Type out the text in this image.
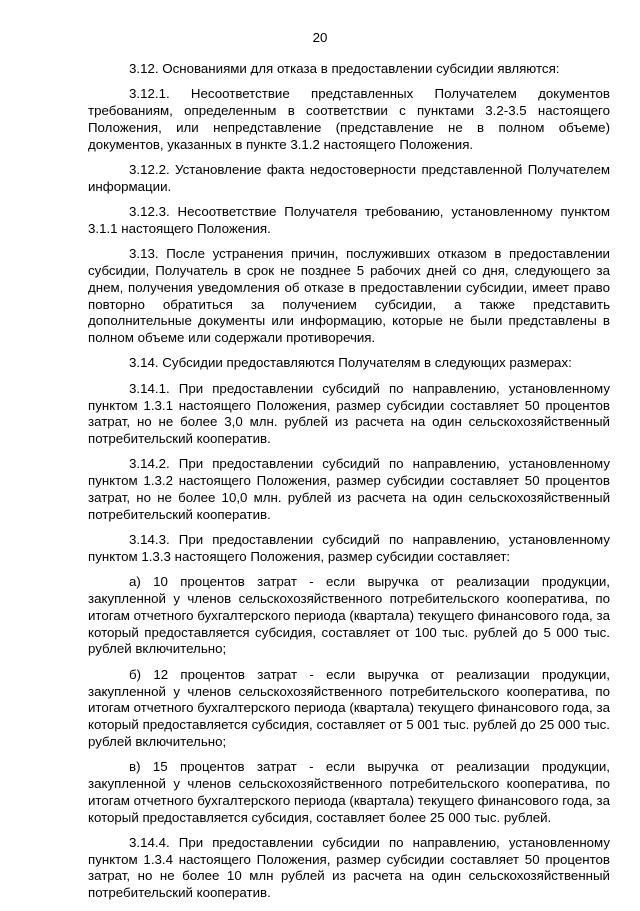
20

3.12. Основаниями для отказа в предоставлении субсидии являются:

3.12.1. Несоответствие представленных Получателем документов требованиям, определенным в соответствии с пунктами 3.2-3.5 настоящего Положения, или непредставление (представление не в полном объеме) документов, указанных в пункте 3.1.2 настоящего Положения.

3.12.2. Установление факта недостоверности представленной Получателем информации.

3.12.3. Несоответствие Получателя требованию, установленному пунктом 3.1.1 настоящего Положения.

3.13. После устранения причин, послуживших отказом в предоставлении субсидии, Получатель в срок не позднее 5 рабочих дней со дня, следующего за днем, получения уведомления об отказе в предоставлении субсидии, имеет право повторно обратиться за получением субсидии, а также представить дополнительные документы или информацию, которые не были представлены в полном объеме или содержали противоречия.

3.14. Субсидии предоставляются Получателям в следующих размерах:

3.14.1. При предоставлении субсидий по направлению, установленному пунктом 1.3.1 настоящего Положения, размер субсидии составляет 50 процентов затрат, но не более 3,0 млн. рублей из расчета на один сельскохозяйственный потребительский кооператив.

3.14.2. При предоставлении субсидий по направлению, установленному пунктом 1.3.2 настоящего Положения, размер субсидии составляет 50 процентов затрат, но не более 10,0 млн. рублей из расчета на один сельскохозяйственный потребительский кооператив.

3.14.3. При предоставлении субсидий по направлению, установленному пунктом 1.3.3 настоящего Положения, размер субсидии составляет:

а) 10 процентов затрат - если выручка от реализации продукции, закупленной у членов сельскохозяйственного потребительского кооператива, по итогам отчетного бухгалтерского периода (квартала) текущего финансового года, за который предоставляется субсидия, составляет от 100 тыс. рублей до 5 000 тыс. рублей включительно;

б) 12 процентов затрат - если выручка от реализации продукции, закупленной у членов сельскохозяйственного потребительского кооператива, по итогам отчетного бухгалтерского периода (квартала) текущего финансового года, за который предоставляется субсидия, составляет от 5 001 тыс. рублей до 25 000 тыс. рублей включительно;

в) 15 процентов затрат - если выручка от реализации продукции, закупленной у членов сельскохозяйственного потребительского кооператива, по итогам отчетного бухгалтерского периода (квартала) текущего финансового года, за который предоставляется субсидия, составляет более 25 000 тыс. рублей.

3.14.4. При предоставлении субсидии по направлению, установленному пунктом 1.3.4 настоящего Положения, размер субсидии составляет 50 процентов затрат, но не более 10 млн рублей из расчета на один сельскохозяйственный потребительский кооператив.
